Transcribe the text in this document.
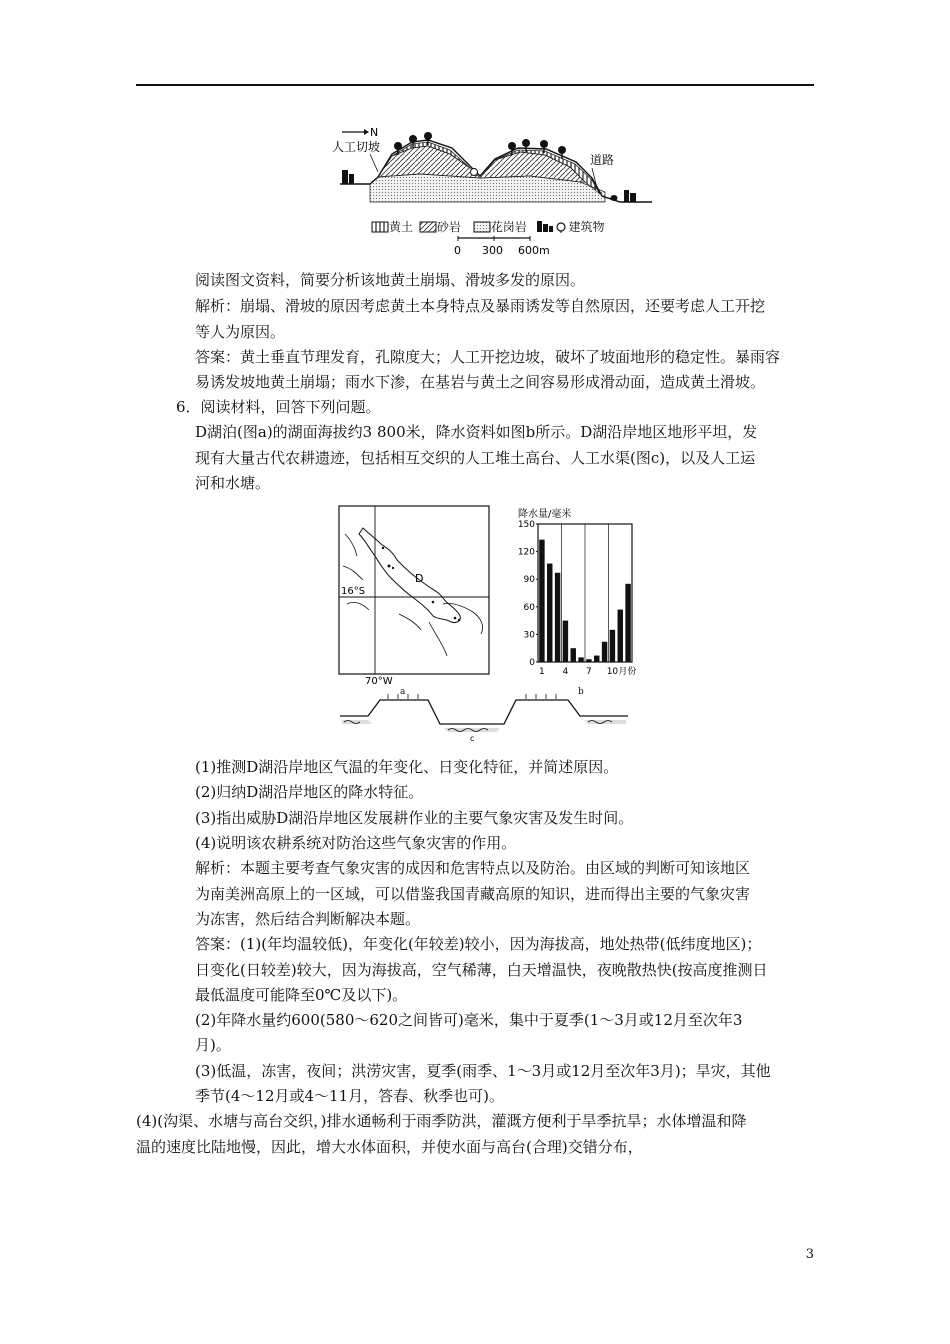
N
人工切坡
道路
黄土 砂岩 花岗岩	建筑物
0 300 600m
阅读图文资料，简要分析该地黄土崩塌、滑坡多发的原因。
解析：崩塌、滑坡的原因考虑黄土本身特点及暴雨诱发等自然原因，还要考虑人工开挖
等人为原因。
答案：黄土垂直节理发育，孔隙度大；人工开挖边坡，破坏了坡面地形的稳定性。暴雨容
易诱发坡地黄土崩塌；雨水下渗，在基岩与黄土之间容易形成滑动面，造成黄土滑坡。
6．阅读材料，回答下列问题。
D湖泊(图a)的湖面海拔约3 800米，降水资料如图b所示。D湖沿岸地区地形平坦，发
现有大量古代农耕遗迹，包括相互交织的人工堆土高台、人工水渠(图c)，以及人工运
河和水塘。
D
16°S
70°W
a
降水量/毫米
150
120
90
60
30
0
1 4 7 10 月份
b
c
(1)推测D湖沿岸地区气温的年变化、日变化特征，并简述原因。
(2)归纳D湖沿岸地区的降水特征。
(3)指出威胁D湖沿岸地区发展耕作业的主要气象灾害及发生时间。
(4)说明该农耕系统对防治这些气象灾害的作用。
解析：本题主要考查气象灾害的成因和危害特点以及防治。由区域的判断可知该地区
为南美洲高原上的一区域，可以借鉴我国青藏高原的知识，进而得出主要的气象灾害
为冻害，然后结合判断解决本题。
答案：(1)(年均温较低)，年变化(年较差)较小，因为海拔高，地处热带(低纬度地区)；
日变化(日较差)较大，因为海拔高，空气稀薄，白天增温快，夜晚散热快(按高度推测日
最低温度可能降至0℃及以下)。
(2)年降水量约600(580～620之间皆可)毫米，集中于夏季(1～3月或12月至次年3
月)。
(3)低温，冻害，夜间；洪涝灾害，夏季(雨季、1～3月或12月至次年3月)；旱灾，其他
季节(4～12月或4～11月，答春、秋季也可)。
(4)(沟渠、水塘与高台交织，)排水通畅利于雨季防洪，灌溉方便利于旱季抗旱；水体增温和降
温的速度比陆地慢，因此，增大水体面积，并使水面与高台(合理)交错分布，
3
